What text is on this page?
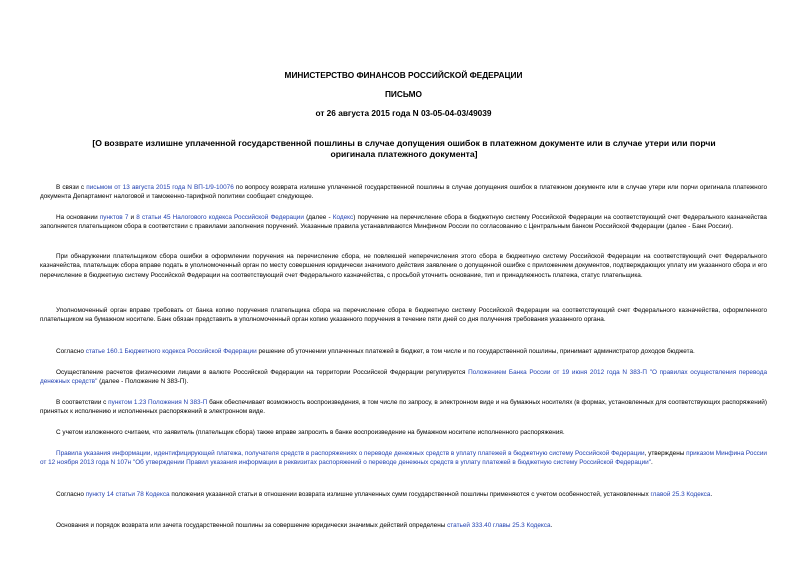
МИНИСТЕРСТВО ФИНАНСОВ РОССИЙСКОЙ ФЕДЕРАЦИИ
ПИСЬМО
от 26 августа 2015 года N 03-05-04-03/49039
[О возврате излишне уплаченной государственной пошлины в случае допущения ошибок в платежном документе или в случае утери или порчи оригинала платежного документа]
В связи с письмом от 13 августа 2015 года N ВП-1/9-10076 по вопросу возврата излишне уплаченной государственной пошлины в случае допущения ошибок в платежном документе или в случае утери или порчи оригинала платежного документа Департамент налоговой и таможенно-тарифной политики сообщает следующее.
На основании пунктов 7 и 8 статьи 45 Налогового кодекса Российской Федерации (далее - Кодекс) поручение на перечисление сбора в бюджетную систему Российской Федерации на соответствующий счет Федерального казначейства заполняется плательщиком сбора в соответствии с правилами заполнения поручений. Указанные правила устанавливаются Минфином России по согласованию с Центральным банком Российской Федерации (далее - Банк России).
При обнаружении плательщиком сбора ошибки в оформлении поручения на перечисление сбора, не повлекшей неперечисления этого сбора в бюджетную систему Российской Федерации на соответствующий счет Федерального казначейства, плательщик сбора вправе подать в уполномоченный орган по месту совершения юридически значимого действия заявление о допущенной ошибке с приложением документов, подтверждающих уплату им указанного сбора и его перечисление в бюджетную систему Российской Федерации на соответствующий счет Федерального казначейства, с просьбой уточнить основание, тип и принадлежность платежа, статус плательщика.
Уполномоченный орган вправе требовать от банка копию поручения плательщика сбора на перечисление сбора в бюджетную систему Российской Федерации на соответствующий счет Федерального казначейства, оформленного плательщиком на бумажном носителе. Банк обязан представить в уполномоченный орган копию указанного поручения в течение пяти дней со дня получения требования указанного органа.
Согласно статье 160.1 Бюджетного кодекса Российской Федерации решение об уточнении уплаченных платежей в бюджет, в том числе и по государственной пошлины, принимает администратор доходов бюджета.
Осуществление расчетов физическими лицами в валюте Российской Федерации на территории Российской Федерации регулируется Положением Банка России от 19 июня 2012 года N 383-П "О правилах осуществления перевода денежных средств" (далее - Положение N 383-П).
В соответствии с пунктом 1.23 Положения N 383-П банк обеспечивает возможность воспроизведения, в том числе по запросу, в электронном виде и на бумажных носителях (в формах, установленных для соответствующих распоряжений) принятых к исполнению и исполненных распоряжений в электронном виде.
С учетом изложенного считаем, что заявитель (плательщик сбора) также вправе запросить в банке воспроизведение на бумажном носителе исполненного распоряжения.
Правила указания информации, идентифицирующей платежа, получателя средств в распоряжениях о переводе денежных средств в уплату платежей в бюджетную систему Российской Федерации, утверждены приказом Минфина России от 12 ноября 2013 года N 107н "Об утверждении Правил указания информации в реквизитах распоряжений о переводе денежных средств в уплату платежей в бюджетную систему Российской Федерации".
Согласно пункту 14 статьи 78 Кодекса положения указанной статьи в отношении возврата излишне уплаченных сумм государственной пошлины применяются с учетом особенностей, установленных главой 25.3 Кодекса.
Основания и порядок возврата или зачета государственной пошлины за совершение юридически значимых действий определены статьей 333.40 главы 25.3 Кодекса.
